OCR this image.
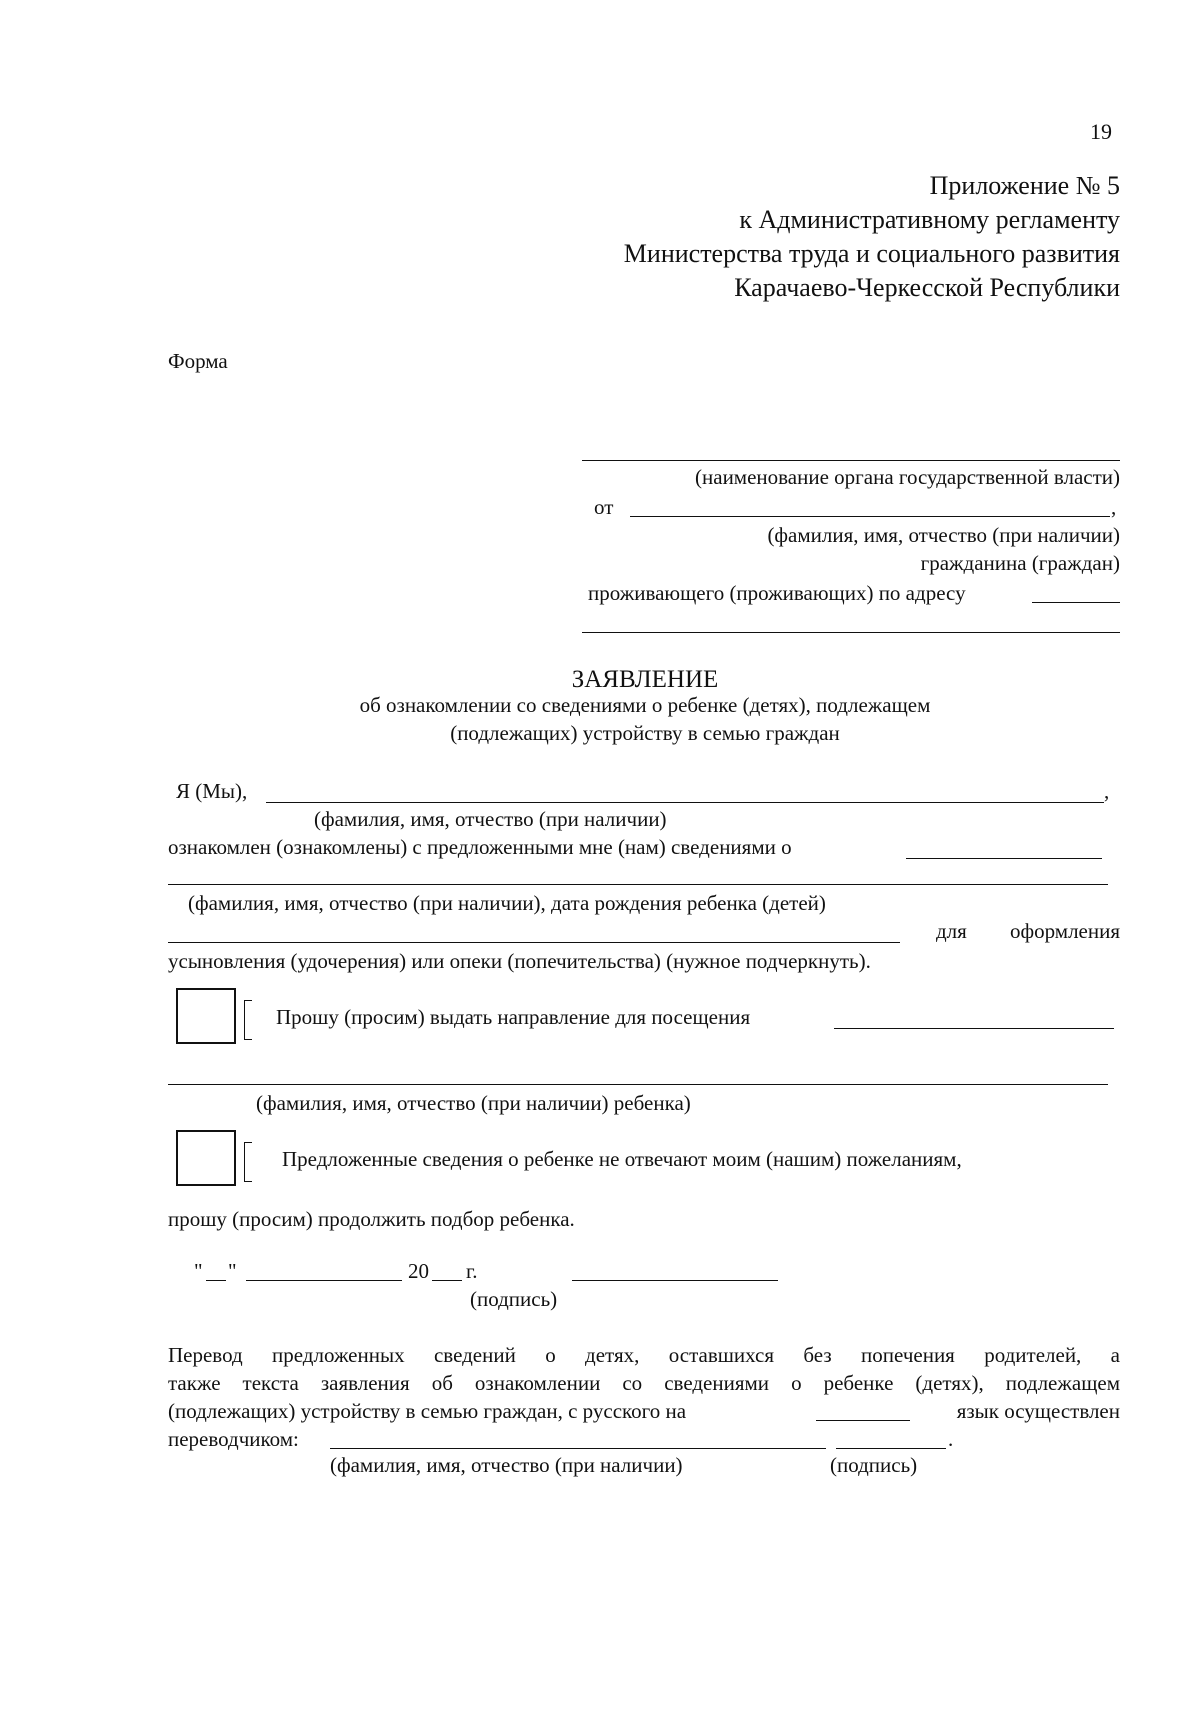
19
Приложение № 5
к Административному регламенту
Министерства труда и социального развития
Карачаево-Черкесской Республики
Форма
(наименование органа государственной власти)
от	,
(фамилия, имя, отчество (при наличии)
гражданина (граждан)
проживающего (проживающих) по адресу
ЗАЯВЛЕНИЕ
об ознакомлении со сведениями о ребенке (детях), подлежащем
(подлежащих) устройству в семью граждан
Я (Мы),	,
(фамилия, имя, отчество (при наличии)
ознакомлен (ознакомлены) с предложенными мне (нам) сведениями о
(фамилия, имя, отчество (при наличии), дата рождения ребенка (детей)
для оформления
усыновления (удочерения) или опеки (попечительства) (нужное подчеркнуть).
Прошу (просим) выдать направление для посещения
(фамилия, имя, отчество (при наличии) ребенка)
Предложенные сведения о ребенке не отвечают моим (нашим) пожеланиям,
прошу (просим) продолжить подбор ребенка.
" "	20 г.
(подпись)
Перевод предложенных сведений о детях, оставшихся без попечения родителей, а
также текста заявления об ознакомлении со сведениями о ребенке (детях), подлежащем
(подлежащих) устройству в семью граждан, с русского на	язык осуществлен
переводчиком:	.
(фамилия, имя, отчество (при наличии)	(подпись)
